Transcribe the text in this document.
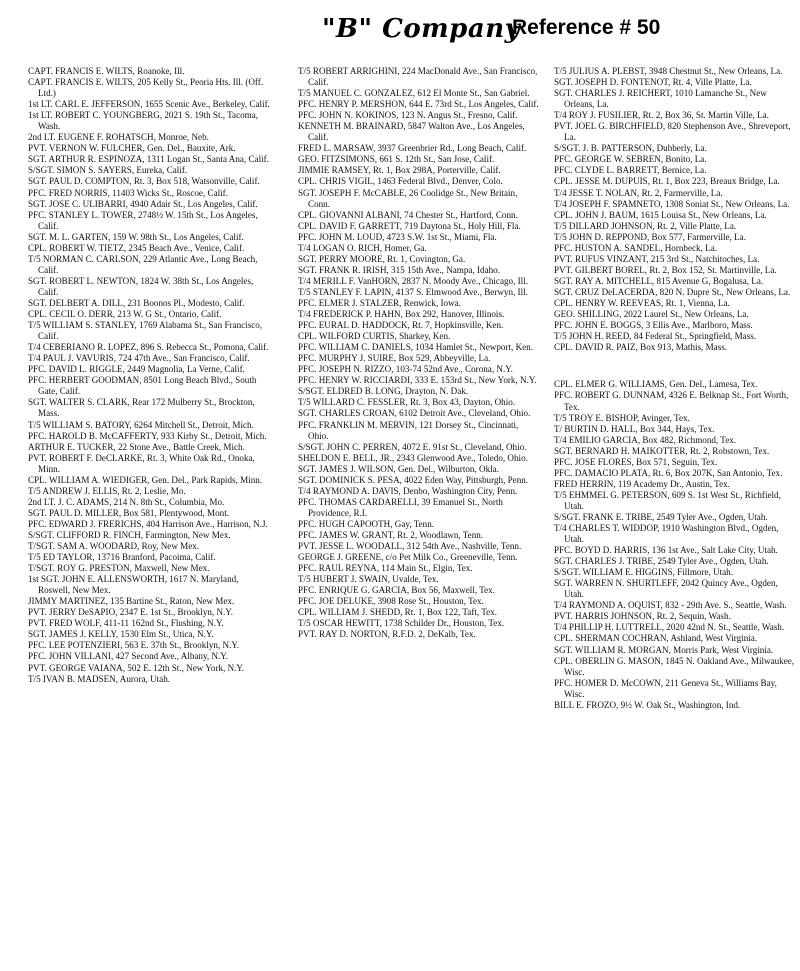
"B" Company
Reference # 50

CAPT. FRANCIS E. WILTS, Roanoke, Ill.

CAPT. FRANCIS E. WILTS, 205 Kelly St., Peoria Hts. Ill. (Off. Ltd.)

1st LT. CARL E. JEFFERSON, 1655 Scenic Ave., Berkeley, Calif.

1st LT. ROBERT C. YOUNGBERG, 2021 S. 19th St., Tacoma, Wash.

2nd LT. EUGENE F. ROHATSCH, Monroe, Neb.

PVT. VERNON W. FULCHER, Gen. Del., Bauxite, Ark.

SGT. ARTHUR R. ESPINOZA, 1311 Logan St., Santa Ana, Calif.

S/SGT. SIMON S. SAYERS, Eureka, Calif.

SGT. PAUL D. COMPTON, Rt. 3, Box 518, Watsonville, Calif.

PFC. FRED NORRIS, 11403 Wicks St., Roscoe, Calif.

SGT. JOSE C. ULIBARRI, 4940 Adair St., Los Angeles, Calif.

PFC. STANLEY L. TOWER, 2748½ W. 15th St., Los Angeles, Calif.

SGT. M. L. GARTEN, 159 W. 98th St., Los Angeles, Calif.

CPL. ROBERT W. TIETZ, 2345 Beach Ave., Venice, Calif.

T/5 NORMAN C. CARLSON, 229 Atlantic Ave., Long Beach, Calif.

SGT. ROBERT L. NEWTON, 1824 W. 38th St., Los Angeles, Calif.

SGT. DELBERT A. DILL, 231 Boonos Pl., Modesto, Calif.

CPL. CECIL O. DERR, 213 W. G St., Ontario, Calif.

T/5 WILLIAM S. STANLEY, 1769 Alabama St., San Francisco, Calif.

T/4 CEBERIANO R. LOPEZ, 896 S. Rebecca St., Pomona, Calif.

T/4 PAUL J. VAVURIS, 724 47th Ave., San Francisco, Calif.

PFC. DAVID L. RIGGLE, 2449 Magnolia, La Verne, Calif.

PFC. HERBERT GOODMAN, 8501 Long Beach Blvd., South Gate, Calif.

SGT. WALTER S. CLARK, Rear 172 Mulberry St., Brockton, Mass.

T/5 WILLIAM S. BATORY, 6264 Mitchell St., Detroit, Mich.

PFC. HAROLD B. McCAFFERTY, 933 Kirby St., Detroit, Mich.

ARTHUR E. TUCKER, 22 Stone Ave., Battle Creek, Mich.

PVT. ROBERT F. DeCLARKE, Rt. 3, White Oak Rd., Onoka, Minn.

CPL. WILLIAM A. WIEDIGER, Gen. Del., Park Rapids, Minn.

T/5 ANDREW J. ELLIS, Rt. 2, Leslie, Mo.

2nd LT. J. C. ADAMS, 214 N. 8th St., Columbia, Mo.

SGT. PAUL D. MILLER, Box 581, Plentywood, Mont.

PFC. EDWARD J. FRERICHS, 404 Harrison Ave., Harrison, N.J.

S/SGT. CLIFFORD R. FINCH, Farmington, New Mex.

T/SGT. SAM A. WOODARD, Roy, New Mex.

T/5 ED TAYLOR, 13716 Branford, Pacoima, Calif.

T/SGT. ROY G. PRESTON, Maxwell, New Mex.

1st SGT. JOHN E. ALLENSWORTH, 1617 N. Maryland, Roswell, New Mex.

JIMMY MARTINEZ, 135 Bartine St., Raton, New Mex.

PVT. JERRY DeSAPIO, 2347 E. 1st St., Brooklyn, N.Y.

PVT. FRED WOLF, 411-11 162nd St., Flushing, N.Y.

SGT. JAMES J. KELLY, 1530 Elm St., Utica, N.Y.

PFC. LEE POTENZIERI, 563 E. 37th St., Brooklyn, N.Y.

PFC. JOHN VILLANI, 427 Second Ave., Albany, N.Y.

PVT. GEORGE VAIANA, 502 E. 12th St., New York, N.Y.

T/5 IVAN B. MADSEN, Aurora, Utah.

T/5 ROBERT ARRIGHINI, 224 MacDonald Ave., San Francisco, Calif.

T/5 MANUEL C. GONZALEZ, 612 El Monte St., San Gabriel.

PFC. HENRY P. MERSHON, 644 E. 73rd St., Los Angeles, Calif.

PFC. JOHN N. KOKINOS, 123 N. Angus St., Fresno, Calif.

KENNETH M. BRAINARD, 5847 Walton Ave., Los Angeles, Calif.

FRED L. MARSAW, 3937 Greenbrier Rd., Long Beach, Calif.

GEO. FITZSIMONS, 661 S. 12th St., San Jose, Calif.

JIMMIE RAMSEY, Rt. 1, Box 298A, Porterville, Calif.

CPL. CHRIS VIGIL, 1463 Federal Blvd., Denver, Colo.

SGT. JOSEPH F. McCABLE, 26 Coolidge St., New Britain, Conn.

CPL. GIOVANNI ALBANI, 74 Chester St., Hartford, Conn.

CPL. DAVID F. GARRETT, 719 Daytona St., Holy Hill, Fla.

PFC. JOHN M. LOUD, 4723 S.W. 1st St., Miami, Fla.

T/4 LOGAN O. RICH, Homer, Ga.

SGT. PERRY MOORE, Rt. 1, Covington, Ga.

SGT. FRANK R. IRISH, 315 15th Ave., Nampa, Idaho.

T/4 MERILL F. VanHORN, 2837 N. Moody Ave., Chicago, Ill.

T/5 STANLEY F. LAPIN, 4137 S. Elmwood Ave., Berwyn, Ill.

PFC. ELMER J. STALZER, Renwick, Iowa.

T/4 FREDERICK P. HAHN, Box 292, Hanover, Illinois.

PFC. EURAL D. HADDOCK, Rt. 7, Hopkinsville, Ken.

CPL. WILFORD CURTIS, Sharkey, Ken.

PFC. WILLIAM C. DANIELS, 1034 Hamlet St., Newport, Ken.

PFC. MURPHY J. SUIRE, Box 529, Abbeyville, La.

PFC. JOSEPH N. RIZZO, 103-74 52nd Ave., Corona, N.Y.

PFC. HENRY W. RICCIARDI, 333 E. 153rd St., New York, N.Y.

S/SGT. ELDRED B. LONG, Drayton, N. Dak.

T/5 WILLARD C. FESSLER, Rt. 3, Box 43, Dayton, Ohio.

SGT. CHARLES CROAN, 6102 Detroit Ave., Cleveland, Ohio.

PFC. FRANKLIN M. MERVIN, 121 Dorsey St., Cincinnati, Ohio.

S/SGT. JOHN C. PERREN, 4072 E. 91st St., Cleveland, Ohio.

SHELDON E. BELL, JR., 2343 Glenwood Ave., Toledo, Ohio.

SGT. JAMES J. WILSON, Gen. Del., Wilburton, Okla.

SGT. DOMINICK S. PESA, 4022 Eden Way, Pittsburgh, Penn.

T/4 RAYMOND A. DAVIS, Denbo, Washington City, Penn.

PFC. THOMAS CARDARELLI, 39 Emanuel St., North Providence, R.I.

PFC. HUGH CAPOOTH, Gay, Tenn.

PFC. JAMES W. GRANT, Rt. 2, Woodlawn, Tenn.

PVT. JESSE L. WOODALL, 312 54th Ave., Nashville, Tenn.

GEORGE J. GREENE, c/o Pet Milk Co., Greeneville, Tenn.

PFC. RAUL REYNA, 114 Main St., Elgin, Tex.

T/5 HUBERT J. SWAIN, Uvalde, Tex.

PFC. ENRIQUE G. GARCIA, Box 56, Maxwell, Tex.

PFC. JOE DELUKE, 3908 Rose St., Houston, Tex.

CPL. WILLIAM J. SHEDD, Rt. 1, Box 122, Taft, Tex.

T/5 OSCAR HEWITT, 1738 Schilder Dr., Houston, Tex.

PVT. RAY D. NORTON, R.F.D. 2, DeKalb, Tex.

T/5 JULIUS A. PLEBST, 3948 Chestnut St., New Orleans, La.

SGT. JOSEPH D. FONTENOT, Rt. 4, Ville Platte, La.

SGT. CHARLES J. REICHERT, 1010 Lamanche St., New Orleans, La.

T/4 ROY J. FUSILIER, Rt. 2, Box 36, St. Martin Ville, La.

PVT. JOEL G. BIRCHFIELD, 820 Stephenson Ave., Shreveport, La.

S/SGT. J. B. PATTERSON, Dubberly, La.

PFC. GEORGE W. SEBREN, Bonito, La.

PFC. CLYDE L. BARRETT, Bernice, La.

CPL. JESSE M. DUPUIS, Rt. 1, Box 223, Breaux Bridge, La.

T/4 JESSE T. NOLAN, Rt. 2, Farmerville, La.

T/4 JOSEPH F. SPAMNETO, 1308 Soniat St., New Orleans, La.

CPL. JOHN J. BAUM, 1615 Louisa St., New Orleans, La.

T/5 DILLARD JOHNSON, Rt. 2, Ville Platte, La.

T/5 JOHN D. REPPOND, Box 577, Farmerville, La.

PFC. HUSTON A. SANDEL, Hornbeck, La.

PVT. RUFUS VINZANT, 215 3rd St., Natchitoches, La.

PVT. GILBERT BOREL, Rt. 2, Box 152, St. Martinville, La.

SGT. RAY A. MITCHELL, 815 Avenue G, Bogalusa, La.

SGT. CRUZ DeLACERDA, 820 N. Dupre St., New Orleans, La.

CPL. HENRY W. REEVEAS, Rt. 1, Vienna, La.

GEO. SHILLING, 2022 Laurel St., New Orleans, La.

PFC. JOHN E. BOGGS, 3 Ellis Ave., Marlboro, Mass.

T/5 JOHN H. REED, 84 Federal St., Springfield, Mass.

CPL. DAVID R. PAIZ, Box 913, Mathis, Mass.

CPL. ELMER G. WILLIAMS, Gen. Del., Lamesa, Tex.

PFC. ROBERT G. DUNNAM, 4326 E. Belknap St., Fort Worth, Tex.

T/5 TROY E. BISHOP, Avinger, Tex.

T/ BURTIN D. HALL, Box 344, Hays, Tex.

T/4 EMILIO GARCIA, Box 482, Richmond, Tex.

SGT. BERNARD H. MAIKOTTER, Rt. 2, Robstown, Tex.

PFC. JOSE FLORES, Box 571, Seguin, Tex.

PFC. DAMACIO PLATA, Rt. 6, Box 207K, San Antonio, Tex.

FRED HERRIN, 119 Academy Dr., Austin, Tex.

T/5 EHMMEL G. PETERSON, 609 S. 1st West St., Richfield, Utah.

S/SGT. FRANK E. TRIBE, 2549 Tyler Ave., Ogden, Utah.

T/4 CHARLES T. WIDDOP, 1910 Washington Blvd., Ogden, Utah.

PFC. BOYD D. HARRIS, 136 1st Ave., Salt Lake City, Utah.

SGT. CHARLES J. TRIBE, 2549 Tyler Ave., Ogden, Utah.

S/SGT. WILLIAM E. HIGGINS, Fillmore, Utah.

SGT. WARREN N. SHURTLEFF, 2042 Quincy Ave., Ogden, Utah.

T/4 RAYMOND A. OQUIST, 832 - 29th Ave. S., Seattle, Wash.

PVT. HARRIS JOHNSON, Rt. 2, Sequin, Wash.

T/4 PHILLIP H. LUTTRELL, 2020 42nd N. St., Seattle, Wash.

CPL. SHERMAN COCHRAN, Ashland, West Virginia.

SGT. WILLIAM R. MORGAN, Morris Park, West Virginia.

CPL. OBERLIN G. MASON, 1845 N. Oakland Ave., Milwaukee, Wisc.

PFC. HOMER D. McCOWN, 211 Geneva St., Williams Bay, Wisc.

BILL E. FROZO, 9½ W. Oak St., Washington, Ind.
